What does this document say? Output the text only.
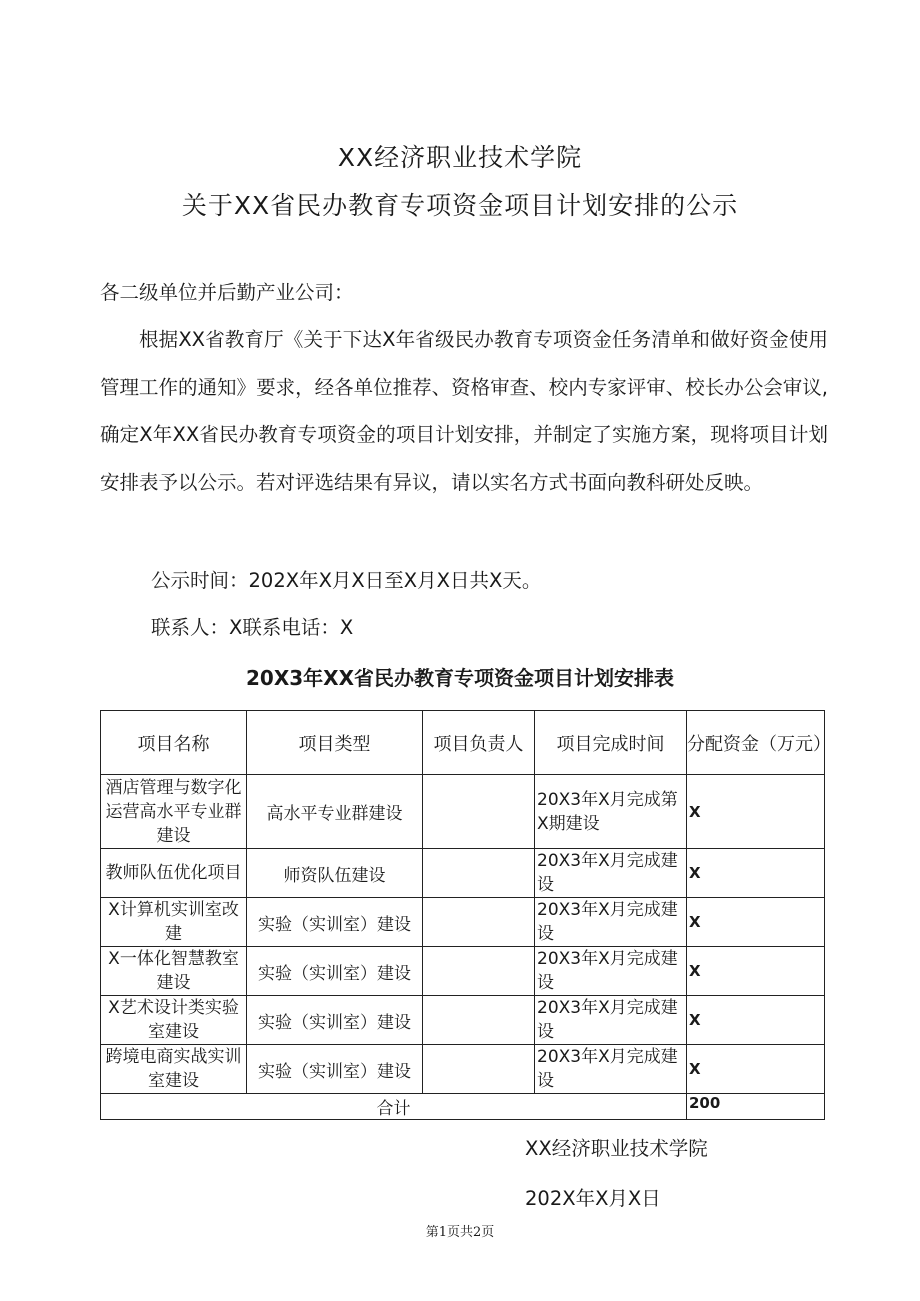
XX经济职业技术学院
关于XX省民办教育专项资金项目计划安排的公示
各二级单位并后勤产业公司：
根据XX省教育厅《关于下达X年省级民办教育专项资金任务清单和做好资金使用管理工作的通知》要求，经各单位推荐、资格审查、校内专家评审、校长办公会审议,确定X年XX省民办教育专项资金的项目计划安排，并制定了实施方案，现将项目计划安排表予以公示。若对评选结果有异议，请以实名方式书面向教科研处反映。
公示时间：202X年X月X日至X月X日共X天。
联系人：X联系电话：X
20X3年XX省民办教育专项资金项目计划安排表
项目名称	项目类型	项目负责人	项目完成时间	分配资金（万元）
酒店管理与数字化运营高水平专业群建设	高水平专业群建设		20X3年X月完成第X期建设	X
教师队伍优化项目	师资队伍建设		20X3年X月完成建设	X
X计算机实训室改建	实验（实训室）建设		20X3年X月完成建设	X
X一体化智慧教室建设	实验（实训室）建设		20X3年X月完成建设	X
X艺术设计类实验室建设	实验（实训室）建设		20X3年X月完成建设	X
跨境电商实战实训室建设	实验（实训室）建设		20X3年X月完成建设	X
合计				200
XX经济职业技术学院
202X年X月X日
第1页共2页
